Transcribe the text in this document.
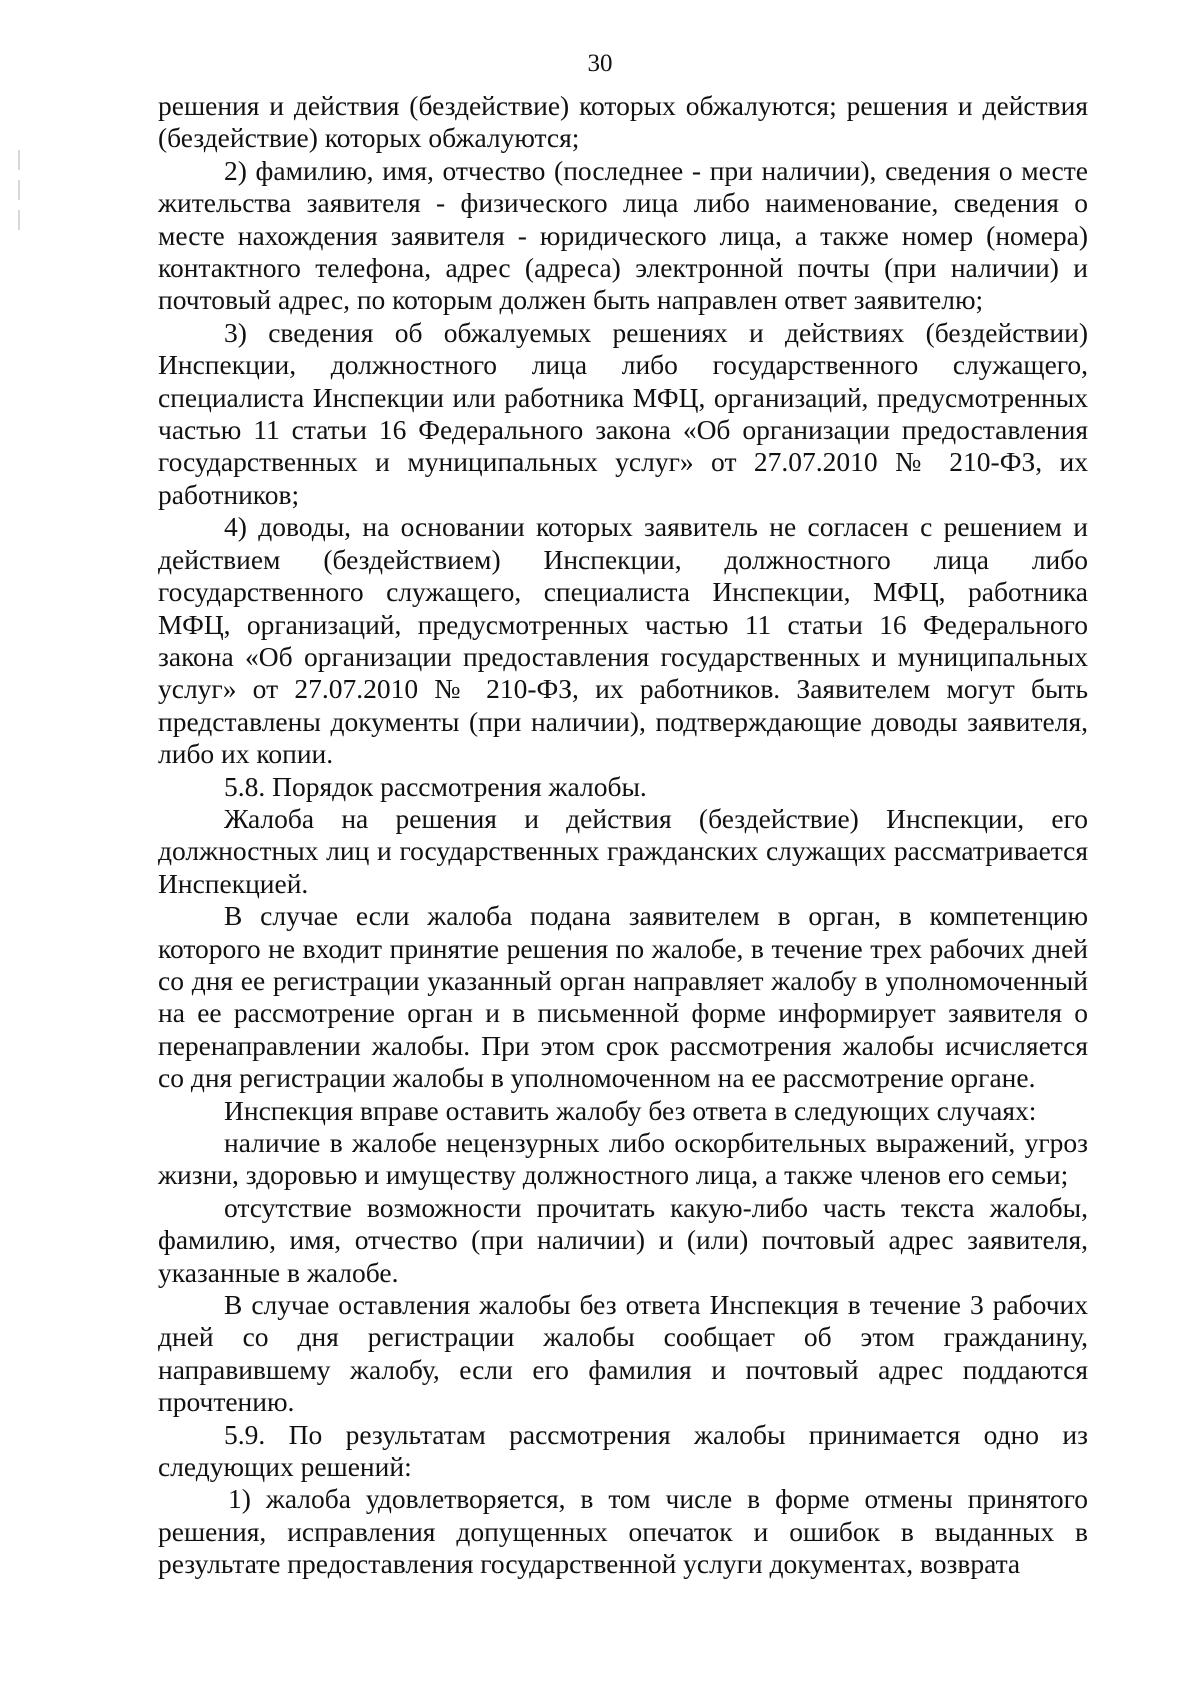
30

решения и действия (бездействие) которых обжалуются; решения и действия (бездействие) которых обжалуются;

2) фамилию, имя, отчество (последнее - при наличии), сведения о месте жительства заявителя - физического лица либо наименование, сведения о месте нахождения заявителя - юридического лица, а также номер (номера) контактного телефона, адрес (адреса) электронной почты (при наличии) и почтовый адрес, по которым должен быть направлен ответ заявителю;

3) сведения об обжалуемых решениях и действиях (бездействии) Инспекции, должностного лица либо государственного служащего, специалиста Инспекции или работника МФЦ, организаций, предусмотренных частью 11 статьи 16 Федерального закона «Об организации предоставления государственных и муниципальных услуг» от 27.07.2010 № 210-ФЗ, их работников;

4) доводы, на основании которых заявитель не согласен с решением и действием (бездействием) Инспекции, должностного лица либо государственного служащего, специалиста Инспекции, МФЦ, работника МФЦ, организаций, предусмотренных частью 11 статьи 16 Федерального закона «Об организации предоставления государственных и муниципальных услуг» от 27.07.2010 № 210-ФЗ, их работников. Заявителем могут быть представлены документы (при наличии), подтверждающие доводы заявителя, либо их копии.

5.8. Порядок рассмотрения жалобы.

Жалоба на решения и действия (бездействие) Инспекции, его должностных лиц и государственных гражданских служащих рассматривается Инспекцией.

В случае если жалоба подана заявителем в орган, в компетенцию которого не входит принятие решения по жалобе, в течение трех рабочих дней со дня ее регистрации указанный орган направляет жалобу в уполномоченный на ее рассмотрение орган и в письменной форме информирует заявителя о перенаправлении жалобы. При этом срок рассмотрения жалобы исчисляется со дня регистрации жалобы в уполномоченном на ее рассмотрение органе.

Инспекция вправе оставить жалобу без ответа в следующих случаях:

наличие в жалобе нецензурных либо оскорбительных выражений, угроз жизни, здоровью и имуществу должностного лица, а также членов его семьи;

отсутствие возможности прочитать какую-либо часть текста жалобы, фамилию, имя, отчество (при наличии) и (или) почтовый адрес заявителя, указанные в жалобе.

В случае оставления жалобы без ответа Инспекция в течение 3 рабочих дней со дня регистрации жалобы сообщает об этом гражданину, направившему жалобу, если его фамилия и почтовый адрес поддаются прочтению.

5.9. По результатам рассмотрения жалобы принимается одно из следующих решений:

1) жалоба удовлетворяется, в том числе в форме отмены принятого решения, исправления допущенных опечаток и ошибок в выданных в результате предоставления государственной услуги документах, возврата
